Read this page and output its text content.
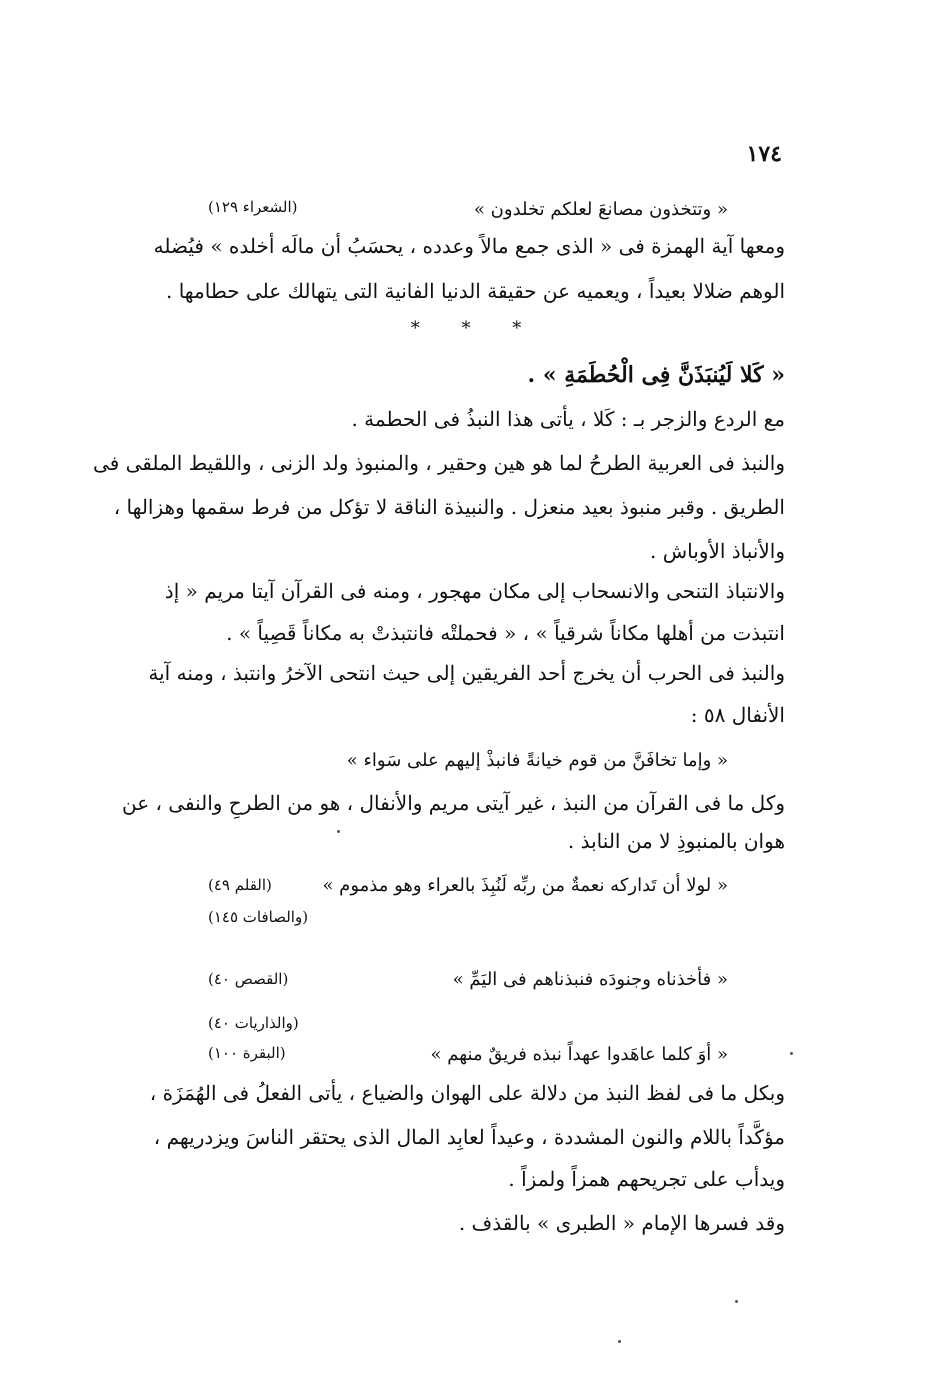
١٧٤
« وتتخذون مصانعَ لعلكم تخلدون »
(الشعراء ١٢٩)
ومعها آية الهمزة فى « الذى جمع مالاً وعدده ، يحسَبُ أن مالَه أخلده » فيُضله
الوهم ضلالا بعيداً ، ويعميه عن حقيقة الدنيا الفانية التى يتهالك على حطامها .
* * *
« كَلا لَيُنبَذَنَّ فِى الْحُطَمَةِ » .
مع الردع والزجر بـ : كَلا ، يأتى هذا النبذُ فى الحطمة .
والنبذ فى العربية الطرحُ لما هو هين وحقير ، والمنبوذ ولد الزنى ، واللقيط الملقى فى
الطريق . وقبر منبوذ بعيد منعزل . والنبيذة الناقة لا تؤكل من فرط سقمها وهزالها ،
والأنباذ الأوباش .
والانتباذ التنحى والانسحاب إلى مكان مهجور ، ومنه فى القرآن آيتا مريم « إذ
انتبذت من أهلها مكاناً شرقياً » ، « فحملتْه فانتبذتْ به مكاناً قَصِياً » .
والنبذ فى الحرب أن يخرج أحد الفريقين إلى حيث انتحى الآخرُ وانتبذ ، ومنه آية
الأنفال ٥٨ :
« وإما تخافَنَّ من قوم خيانةً فانبذْ إليهم على سَواء »
وكل ما فى القرآن من النبذ ، غير آيتى مريم والأنفال ، هو من الطرحِ والنفى ، عن
هوان بالمنبوذِ لا من النابذ .
« لولا أن تَداركه نعمةٌ من ربِّه لَنُبِذَ بالعراء وهو مذموم »
(القلم ٤٩)
(والصافات ١٤٥)
« فأخذناه وجنودَه فنبذناهم فى اليَمِّ »
(القصص ٤٠)
(والذاريات ٤٠)
« أوَ كلما عاهَدوا عهداً نبذه فريقٌ منهم »
(البقرة ١٠٠)
وبكل ما فى لفظ النبذ من دلالة على الهوان والضياع ، يأتى الفعلُ فى الهُمَزَة ،
مؤكَّداً باللام والنون المشددة ، وعيداً لعابِد المال الذى يحتقر الناسَ ويزدريهم ،
ويدأب على تجريحهم همزاً ولمزاً .
وقد فسرها الإمام « الطبرى » بالقذف .
